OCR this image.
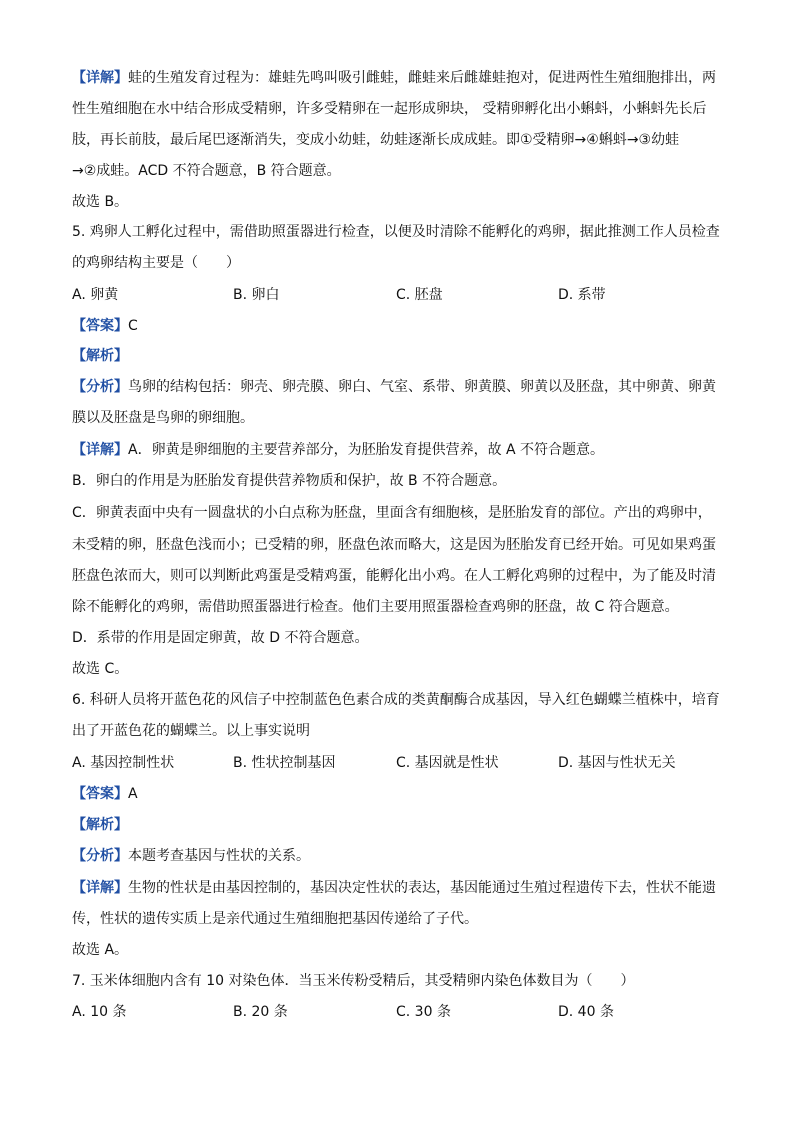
【详解】蛙的生殖发育过程为：雄蛙先鸣叫吸引雌蛙，雌蛙来后雌雄蛙抱对，促进两性生殖细胞排出，两
性生殖细胞在水中结合形成受精卵，许多受精卵在一起形成卵块， 受精卵孵化出小蝌蚪，小蝌蚪先长后
肢，再长前肢，最后尾巴逐渐消失，变成小幼蛙，幼蛙逐渐长成成蛙。即①受精卵→④蝌蚪→③幼蛙
→②成蛙。ACD 不符合题意，B 符合题意。
故选 B。
5. 鸡卵人工孵化过程中，需借助照蛋器进行检查，以便及时清除不能孵化的鸡卵，据此推测工作人员检查
的鸡卵结构主要是（　　）
A. 卵黄	B. 卵白	C. 胚盘	D. 系带
【答案】C
【解析】
【分析】鸟卵的结构包括：卵壳、卵壳膜、卵白、气室、系带、卵黄膜、卵黄以及胚盘，其中卵黄、卵黄
膜以及胚盘是鸟卵的卵细胞。
【详解】A．卵黄是卵细胞的主要营养部分，为胚胎发育提供营养，故 A 不符合题意。
B．卵白的作用是为胚胎发育提供营养物质和保护，故 B 不符合题意。
C．卵黄表面中央有一圆盘状的小白点称为胚盘，里面含有细胞核，是胚胎发育的部位。产出的鸡卵中，
未受精的卵，胚盘色浅而小；已受精的卵，胚盘色浓而略大，这是因为胚胎发育已经开始。可见如果鸡蛋
胚盘色浓而大，则可以判断此鸡蛋是受精鸡蛋，能孵化出小鸡。在人工孵化鸡卵的过程中，为了能及时清
除不能孵化的鸡卵，需借助照蛋器进行检查。他们主要用照蛋器检查鸡卵的胚盘，故 C 符合题意。
D．系带的作用是固定卵黄，故 D 不符合题意。
故选 C。
6. 科研人员将开蓝色花的风信子中控制蓝色色素合成的类黄酮酶合成基因，导入红色蝴蝶兰植株中，培育
出了开蓝色花的蝴蝶兰。以上事实说明
A. 基因控制性状	B. 性状控制基因	C. 基因就是性状	D. 基因与性状无关
【答案】A
【解析】
【分析】本题考查基因与性状的关系。
【详解】生物的性状是由基因控制的，基因决定性状的表达，基因能通过生殖过程遗传下去，性状不能遗
传，性状的遗传实质上是亲代通过生殖细胞把基因传递给了子代。
故选 A。
7. 玉米体细胞内含有 10 对染色体．当玉米传粉受精后，其受精卵内染色体数目为（　　）
A. 10 条	B. 20 条	C. 30 条	D. 40 条
